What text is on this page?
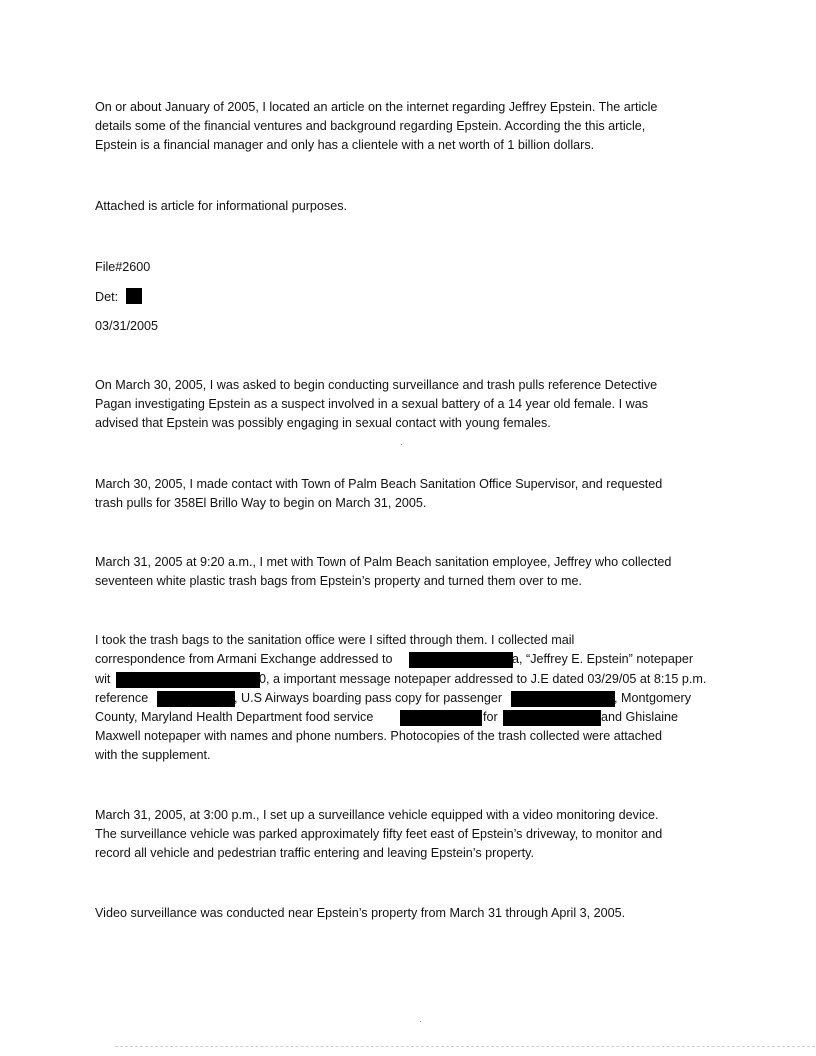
On or about January of 2005, I located an article on the internet regarding Jeffrey Epstein. The article

details some of the financial ventures and background regarding Epstein. According the this article,

Epstein is a financial manager and only has a clientele with a net worth of 1 billion dollars.

Attached is article for informational purposes.

File#2600

Det:

03/31/2005

On March 30, 2005, I was asked to begin conducting surveillance and trash pulls reference Detective

Pagan investigating Epstein as a suspect involved in a sexual battery of a 14 year old female. I was

advised that Epstein was possibly engaging in sexual contact with young females.

March 30, 2005, I made contact with Town of Palm Beach Sanitation Office Supervisor, and requested

trash pulls for 358El Brillo Way to begin on March 31, 2005.

March 31, 2005 at 9:20 a.m., I met with Town of Palm Beach sanitation employee, Jeffrey who collected

seventeen white plastic trash bags from Epstein’s property and turned them over to me.

I took the trash bags to the sanitation office were I sifted through them. I collected mail

correspondence from Armani Exchange addressed to	a, “Jeffrey E. Epstein” notepaper

wit	0, a important message notepaper addressed to J.E dated 03/29/05 at 8:15 p.m.

reference	, U.S Airways boarding pass copy for passenger	, Montgomery

County, Maryland Health Department food service	for	and Ghislaine

Maxwell notepaper with names and phone numbers. Photocopies of the trash collected were attached

with the supplement.

March 31, 2005, at 3:00 p.m., I set up a surveillance vehicle equipped with a video monitoring device.

The surveillance vehicle was parked approximately fifty feet east of Epstein’s driveway, to monitor and

record all vehicle and pedestrian traffic entering and leaving Epstein’s property.

Video surveillance was conducted near Epstein’s property from March 31 through April 3, 2005.
